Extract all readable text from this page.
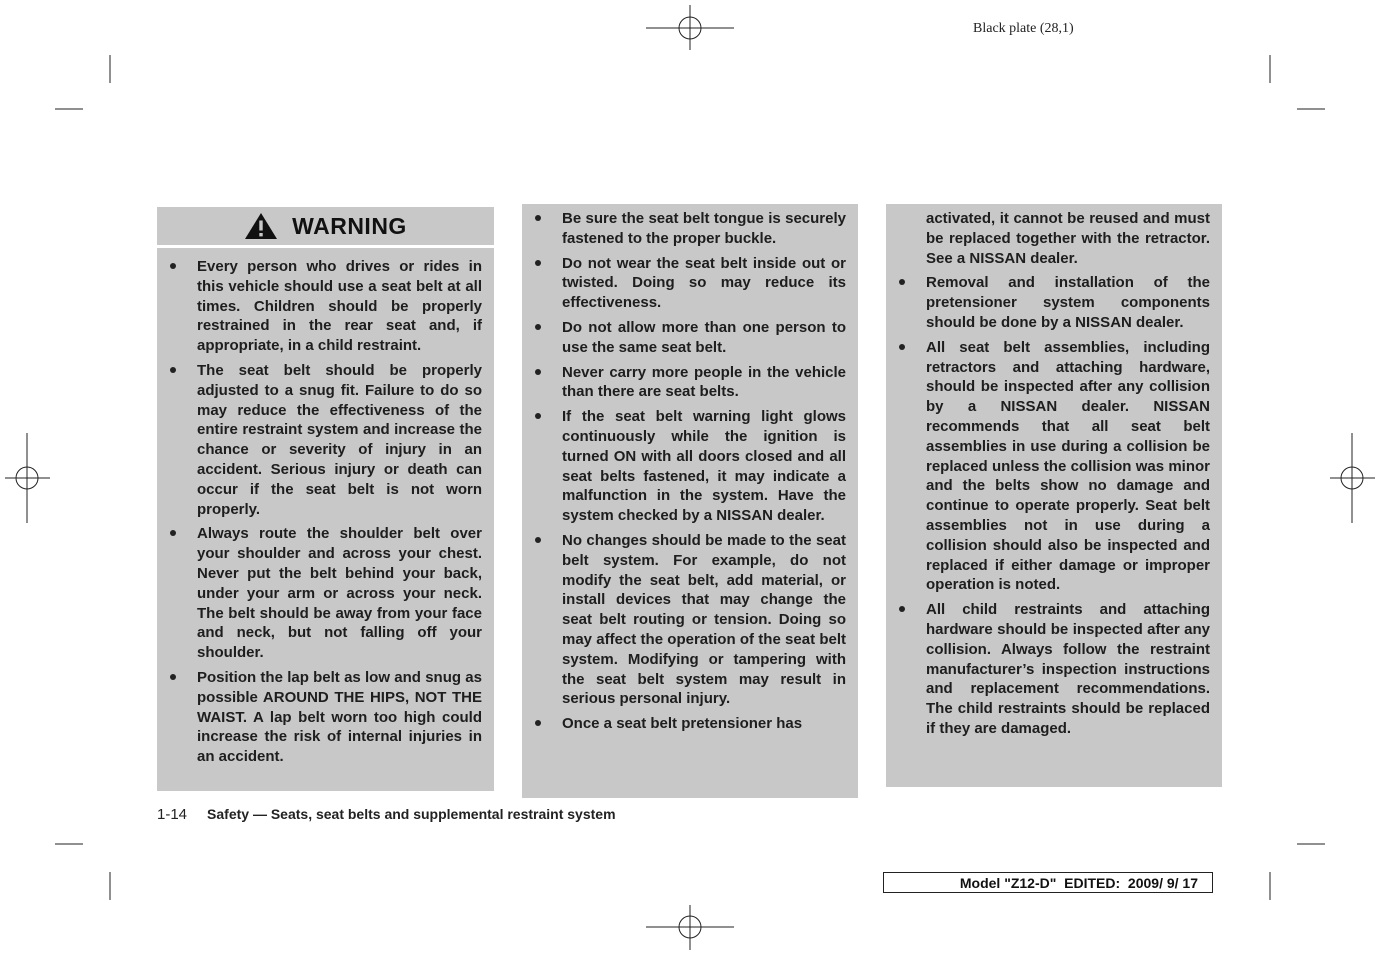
Black plate (28,1)
WARNING
Every person who drives or rides in this vehicle should use a seat belt at all times. Children should be properly restrained in the rear seat and, if appropriate, in a child restraint.
The seat belt should be properly adjusted to a snug fit. Failure to do so may reduce the effectiveness of the entire restraint system and increase the chance or severity of injury in an accident. Serious injury or death can occur if the seat belt is not worn properly.
Always route the shoulder belt over your shoulder and across your chest. Never put the belt behind your back, under your arm or across your neck. The belt should be away from your face and neck, but not falling off your shoulder.
Position the lap belt as low and snug as possible AROUND THE HIPS, NOT THE WAIST. A lap belt worn too high could increase the risk of internal injuries in an accident.
Be sure the seat belt tongue is securely fastened to the proper buckle.
Do not wear the seat belt inside out or twisted. Doing so may reduce its effectiveness.
Do not allow more than one person to use the same seat belt.
Never carry more people in the vehicle than there are seat belts.
If the seat belt warning light glows continuously while the ignition is turned ON with all doors closed and all seat belts fastened, it may indicate a malfunction in the system. Have the system checked by a NISSAN dealer.
No changes should be made to the seat belt system. For example, do not modify the seat belt, add material, or install devices that may change the seat belt routing or tension. Doing so may affect the operation of the seat belt system. Modifying or tampering with the seat belt system may result in serious personal injury.
Once a seat belt pretensioner has
activated, it cannot be reused and must be replaced together with the retractor. See a NISSAN dealer.
Removal and installation of the pretensioner system components should be done by a NISSAN dealer.
All seat belt assemblies, including retractors and attaching hardware, should be inspected after any collision by a NISSAN dealer. NISSAN recommends that all seat belt assemblies in use during a collision be replaced unless the collision was minor and the belts show no damage and continue to operate properly. Seat belt assemblies not in use during a collision should also be inspected and replaced if either damage or improper operation is noted.
All child restraints and attaching hardware should be inspected after any collision. Always follow the restraint manufacturer’s inspection instructions and replacement recommendations. The child restraints should be replaced if they are damaged.
1-14 Safety — Seats, seat belts and supplemental restraint system
Model "Z12-D"  EDITED:  2009/ 9/ 17
